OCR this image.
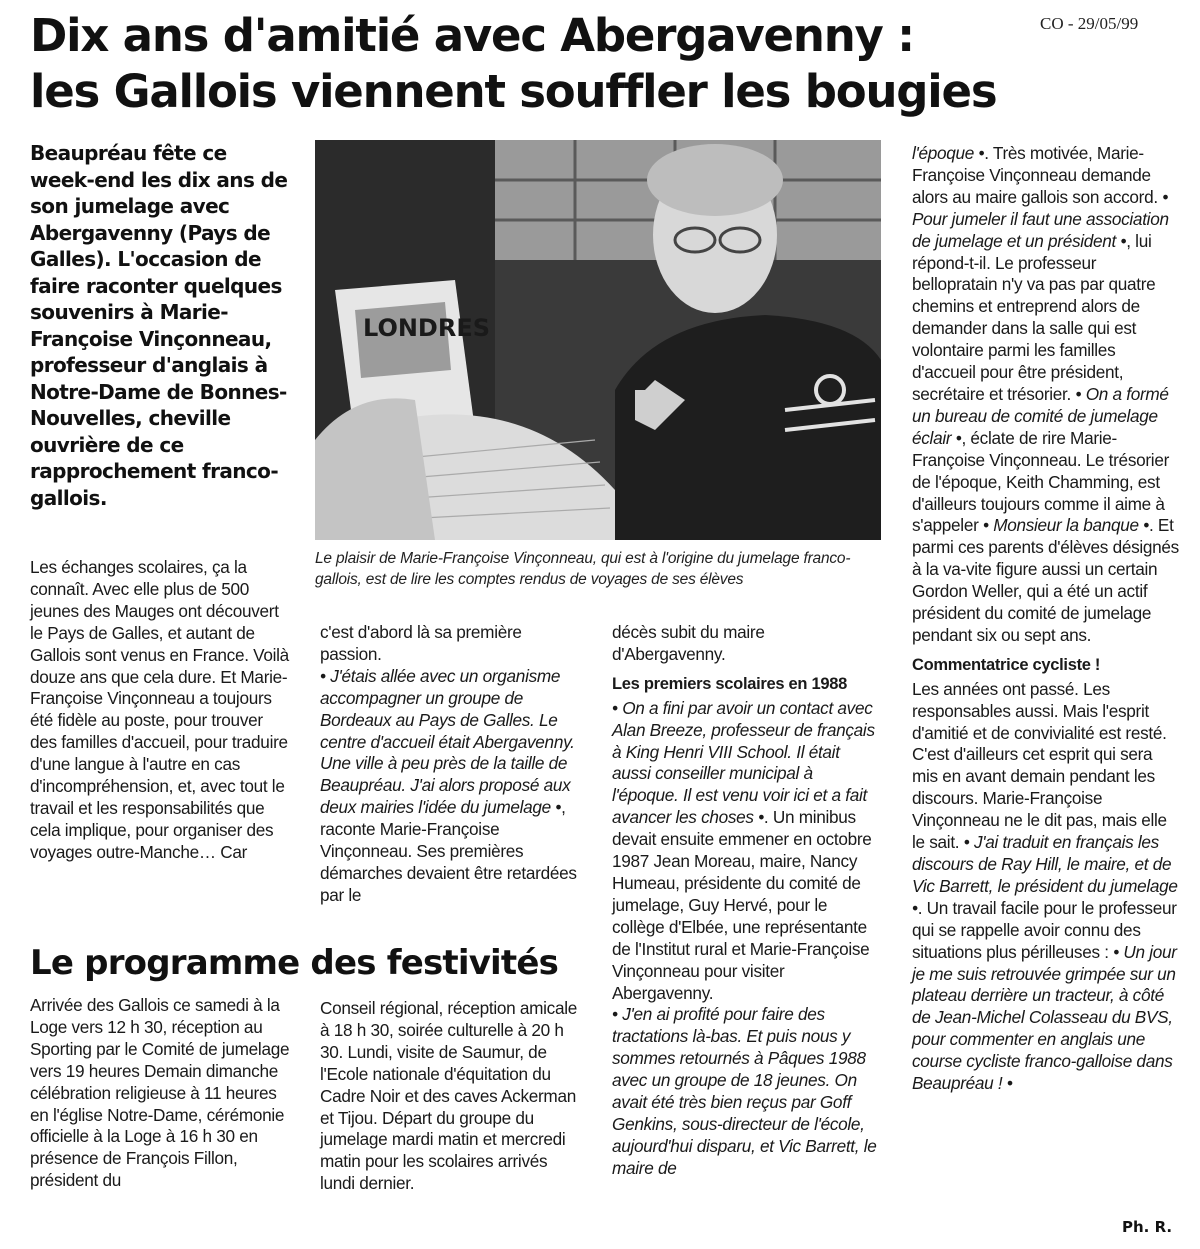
CO - 29/05/99
Dix ans d'amitié avec Abergavenny :
les Gallois viennent souffler les bougies
Beaupréau fête ce week-end les dix ans de son jumelage avec Abergavenny (Pays de Galles). L'occasion de faire raconter quelques souvenirs à Marie-Françoise Vinçonneau, professeur d'anglais à Notre-Dame de Bonnes-Nouvelles, cheville ouvrière de ce rapprochement franco-gallois.
LONDRES
Le plaisir de Marie-Françoise Vinçonneau, qui est à l'origine du jumelage franco-gallois, est de lire les comptes rendus de voyages de ses élèves

Les échanges scolaires, ça la connaît. Avec elle plus de 500 jeunes des Mauges ont découvert le Pays de Galles, et autant de Gallois sont venus en France. Voilà douze ans que cela dure. Et Marie-Françoise Vinçonneau a toujours été fidèle au poste, pour trouver des familles d'accueil, pour traduire d'une langue à l'autre en cas d'incompréhension, et, avec tout le travail et les responsabilités que cela implique, pour organiser des voyages outre-Manche… Car

c'est d'abord là sa première passion.
• J'étais allée avec un organisme accompagner un groupe de Bordeaux au Pays de Galles. Le centre d'accueil était Abergavenny. Une ville à peu près de la taille de Beaupréau. J'ai alors proposé aux deux mairies l'idée du jumelage •, raconte Marie-Françoise Vinçonneau. Ses premières démarches devaient être retardées par le

décès subit du maire d'Abergavenny.

Les premiers scolaires en 1988

• On a fini par avoir un contact avec Alan Breeze, professeur de français à King Henri VIII School. Il était aussi conseiller municipal à l'époque. Il est venu voir ici et a fait avancer les choses •. Un minibus devait ensuite emmener en octobre 1987 Jean Moreau, maire, Nancy Humeau, présidente du comité de jumelage, Guy Hervé, pour le collège d'Elbée, une représentante de l'Institut rural et Marie-Françoise Vinçonneau pour visiter Abergavenny.
• J'en ai profité pour faire des tractations là-bas. Et puis nous y sommes retournés à Pâques 1988 avec un groupe de 18 jeunes. On avait été très bien reçus par Goff Genkins, sous-directeur de l'école, aujourd'hui disparu, et Vic Barrett, le maire de

l'époque •. Très motivée, Marie-Françoise Vinçonneau demande alors au maire gallois son accord. • Pour jumeler il faut une association de jumelage et un président •, lui répond-t-il. Le professeur bellopratain n'y va pas par quatre chemins et entreprend alors de demander dans la salle qui est volontaire parmi les familles d'accueil pour être président, secrétaire et trésorier. • On a formé un bureau de comité de jumelage éclair •, éclate de rire Marie-Françoise Vinçonneau. Le trésorier de l'époque, Keith Chamming, est d'ailleurs toujours comme il aime à s'appeler • Monsieur la banque •. Et parmi ces parents d'élèves désignés à la va-vite figure aussi un certain Gordon Weller, qui a été un actif président du comité de jumelage pendant six ou sept ans.

Commentatrice cycliste !

Les années ont passé. Les responsables aussi. Mais l'esprit d'amitié et de convivialité est resté. C'est d'ailleurs cet esprit qui sera mis en avant demain pendant les discours. Marie-Françoise Vinçonneau ne le dit pas, mais elle le sait. • J'ai traduit en français les discours de Ray Hill, le maire, et de Vic Barrett, le président du jumelage •. Un travail facile pour le professeur qui se rappelle avoir connu des situations plus périlleuses : • Un jour je me suis retrouvée grimpée sur un plateau derrière un tracteur, à côté de Jean-Michel Colasseau du BVS, pour commenter en anglais une course cycliste franco-galloise dans Beaupréau ! •

Le programme des festivités

Arrivée des Gallois ce samedi à la Loge vers 12 h 30, réception au Sporting par le Comité de jumelage vers 19 heures Demain dimanche célébration religieuse à 11 heures en l'église Notre-Dame, cérémonie officielle à la Loge à 16 h 30 en présence de François Fillon, président du

Conseil régional, réception amicale à 18 h 30, soirée culturelle à 20 h 30. Lundi, visite de Saumur, de l'Ecole nationale d'équitation du Cadre Noir et des caves Ackerman et Tijou. Départ du groupe du jumelage mardi matin et mercredi matin pour les scolaires arrivés lundi dernier.

Ph. R.
